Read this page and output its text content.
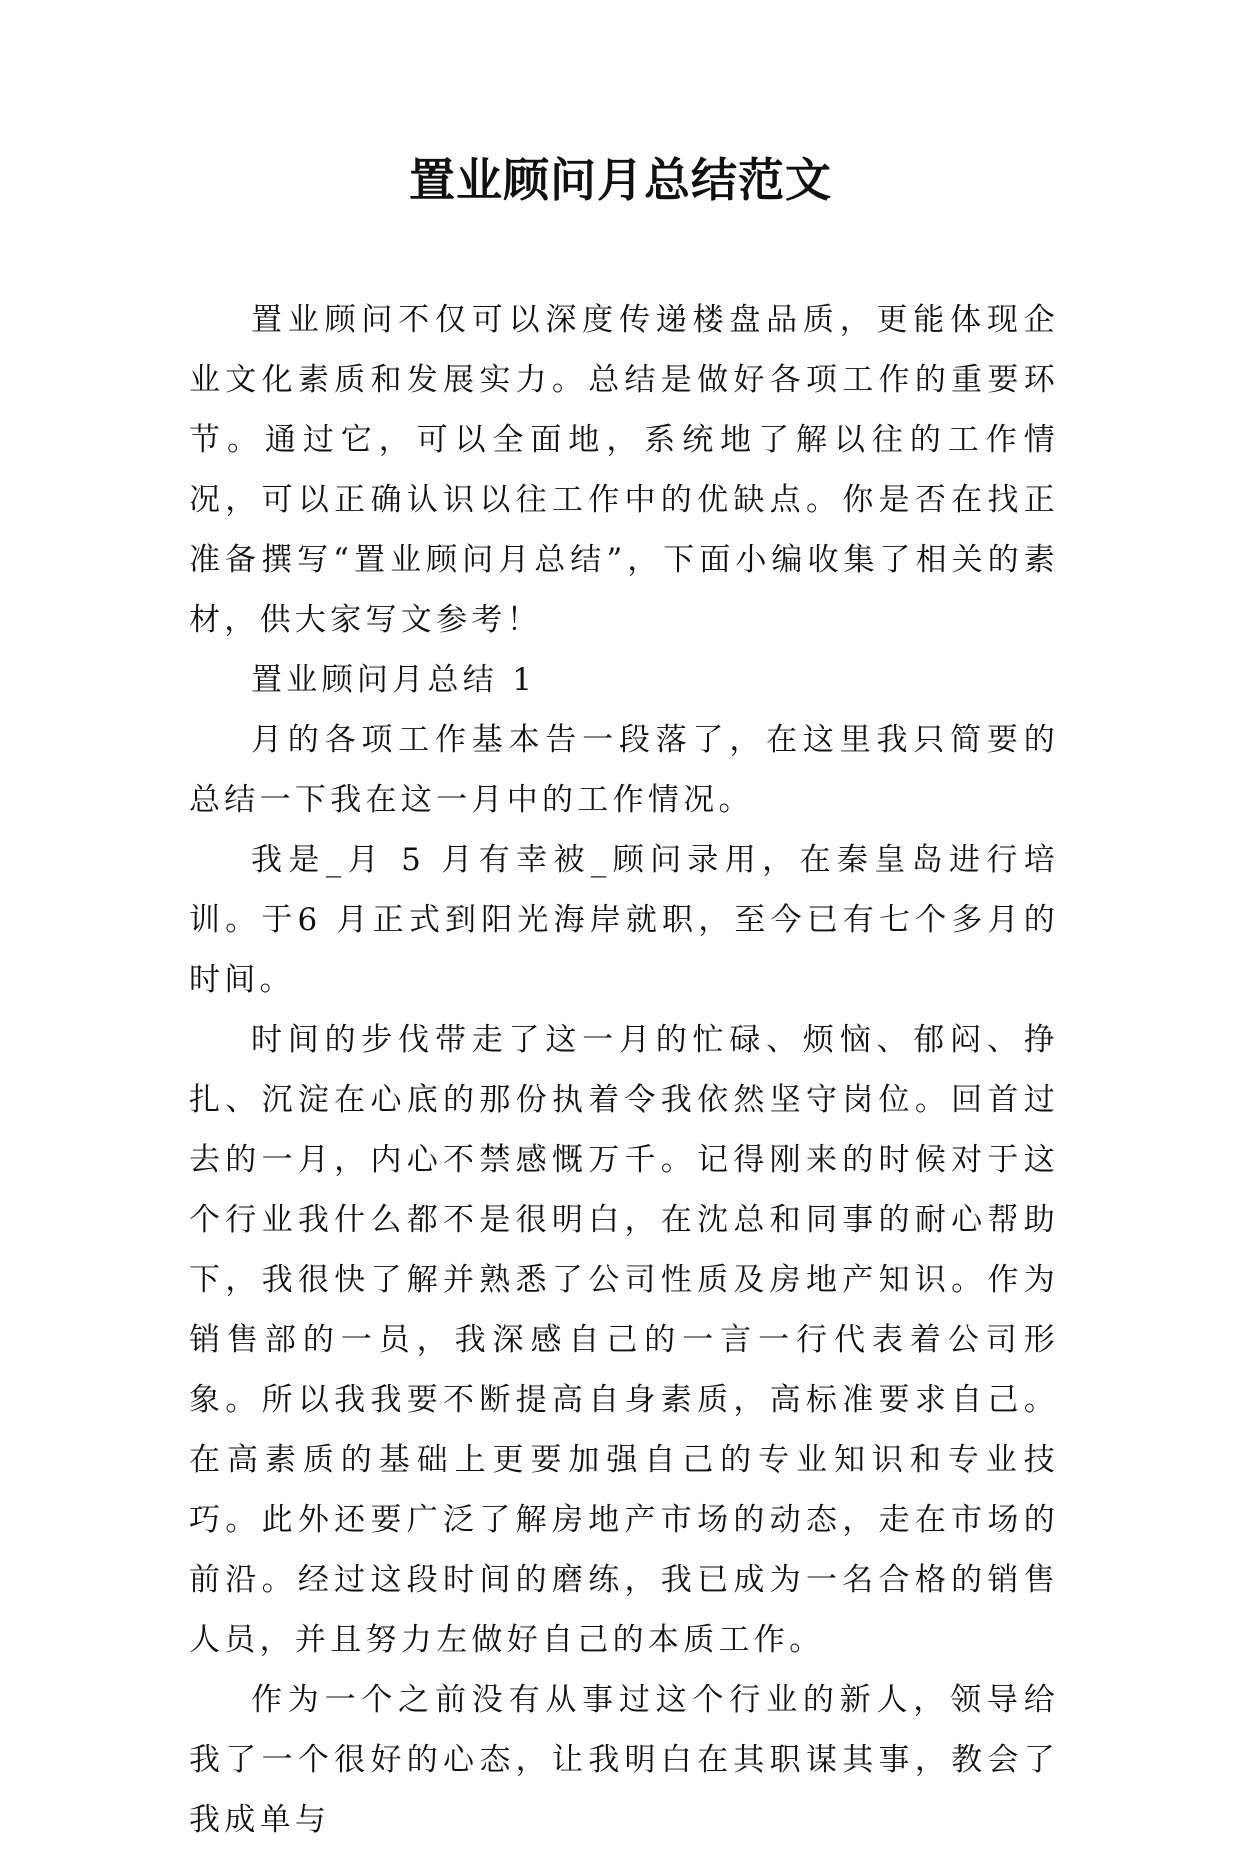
置业顾问月总结范文

置业顾问不仅可以深度传递楼盘品质，更能体现企业文化素质和发展实力。总结是做好各项工作的重要环节。通过它，可以全面地，系统地了解以往的工作情况，可以正确认识以往工作中的优缺点。你是否在找正准备撰写“置业顾问月总结”，下面小编收集了相关的素材，供大家写文参考！

置业顾问月总结 1

月的各项工作基本告一段落了，在这里我只简要的总结一下我在这一月中的工作情况。

我是_月 5 月有幸被_顾问录用，在秦皇岛进行培训。于6 月正式到阳光海岸就职，至今已有七个多月的时间。

时间的步伐带走了这一月的忙碌、烦恼、郁闷、挣扎、沉淀在心底的那份执着令我依然坚守岗位。回首过去的一月，内心不禁感慨万千。记得刚来的时候对于这个行业我什么都不是很明白，在沈总和同事的耐心帮助下，我很快了解并熟悉了公司性质及房地产知识。作为销售部的一员，我深感自己的一言一行代表着公司形象。所以我我要不断提高自身素质，高标准要求自己。在高素质的基础上更要加强自己的专业知识和专业技巧。此外还要广泛了解房地产市场的动态，走在市场的前沿。经过这段时间的磨练，我已成为一名合格的销售人员，并且努力左做好自己的本质工作。

作为一个之前没有从事过这个行业的新人，领导给我了一个很好的心态，让我明白在其职谋其事，教会了我成单与
